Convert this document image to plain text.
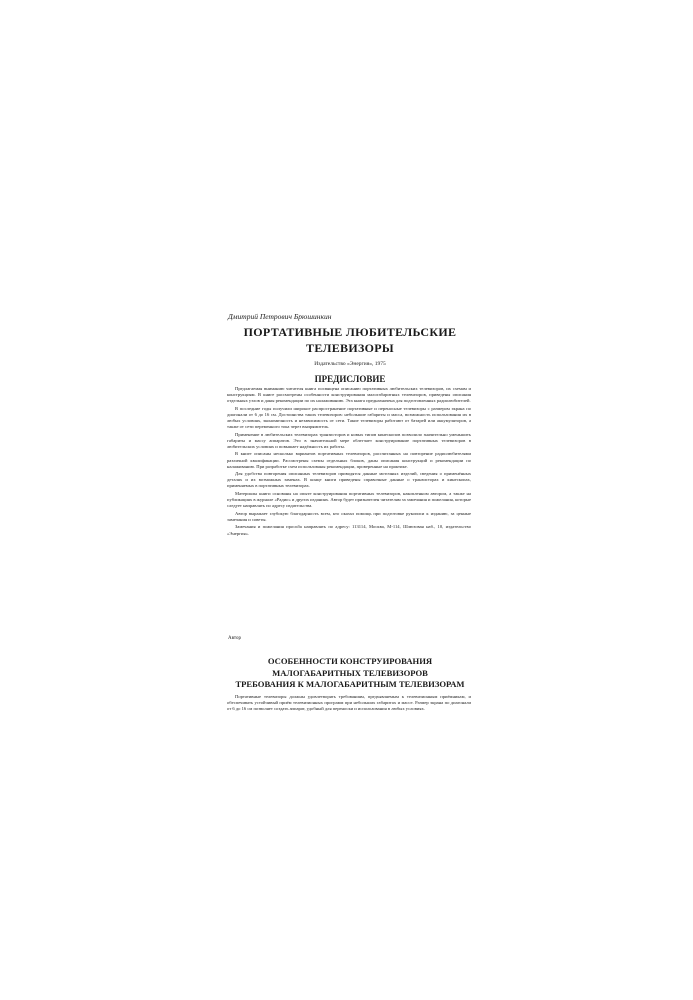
Дмитрий Петрович Брюшинкин
ПОРТАТИВНЫЕ ЛЮБИТЕЛЬСКИЕ
ТЕЛЕВИЗОРЫ
Издательство «Энергия», 1975
ПРЕДИСЛОВИЕ

Предлагаемая вниманию читателя книга посвящена описанию портативных любительских телевизоров, их схемам и конструкциям. В книге рассмотрены особенности конструирования малогабаритных телевизоров, приведены описания отдельных узлов и даны рекомендации по их налаживанию. Эта книга предназначена для подготовленных радиолюбителей.

В последние годы получили широкое распространение портативные и переносные телевизоры с размером экрана по диагонали от 6 до 16 см. Достоинства таких телевизоров: небольшие габариты и масса, возможность использования их в любых условиях, экономичность и независимость от сети. Такие телевизоры работают от батарей или аккумуляторов, а также от сети переменного тока через выпрямитель.

Применение в любительских телевизорах транзисторов и новых типов кинескопов позволило значительно уменьшить габариты и массу аппаратов. Это в значительной мере облегчает конструирование портативных телевизоров в любительских условиях и повышает надёжность их работы.

В книге описаны несколько вариантов портативных телевизоров, рассчитанных на повторение радиолюбителями различной квалификации. Рассмотрены схемы отдельных блоков, даны описания конструкций и рекомендации по налаживанию. При разработке схем использованы рекомендации, проверенные на практике.

Для удобства повторения описанных телевизоров приводятся данные моточных изделий, сведения о применённых деталях и их возможных заменах. В конце книги приведены справочные данные о транзисторах и кинескопах, применяемых в портативных телевизорах.

Материалы книги основаны на опыте конструирования портативных телевизоров, накопленном автором, а также на публикациях в журнале «Радио» и других изданиях. Автор будет признателен читателям за замечания и пожелания, которые следует направлять по адресу издательства.

Автор выражает глубокую благодарность всем, кто оказал помощь при подготовке рукописи к изданию, за ценные замечания и советы.

Замечания и пожелания просьба направлять по адресу: 113114, Москва, М-114, Шлюзовая наб., 10, издательство «Энергия».

Автор
ОСОБЕННОСТИ КОНСТРУИРОВАНИЯ
МАЛОГАБАРИТНЫХ ТЕЛЕВИЗОРОВ
ТРЕБОВАНИЯ К МАЛОГАБАРИТНЫМ ТЕЛЕВИЗОРАМ

Портативные телевизоры должны удовлетворять требованиям, предъявляемым к телевизионным приёмникам, и обеспечивать устойчивый приём телевизионных программ при небольших габаритах и массе. Размер экрана по диагонали от 6 до 16 см позволяет создать аппарат, удобный для переноски и использования в любых условиях.
